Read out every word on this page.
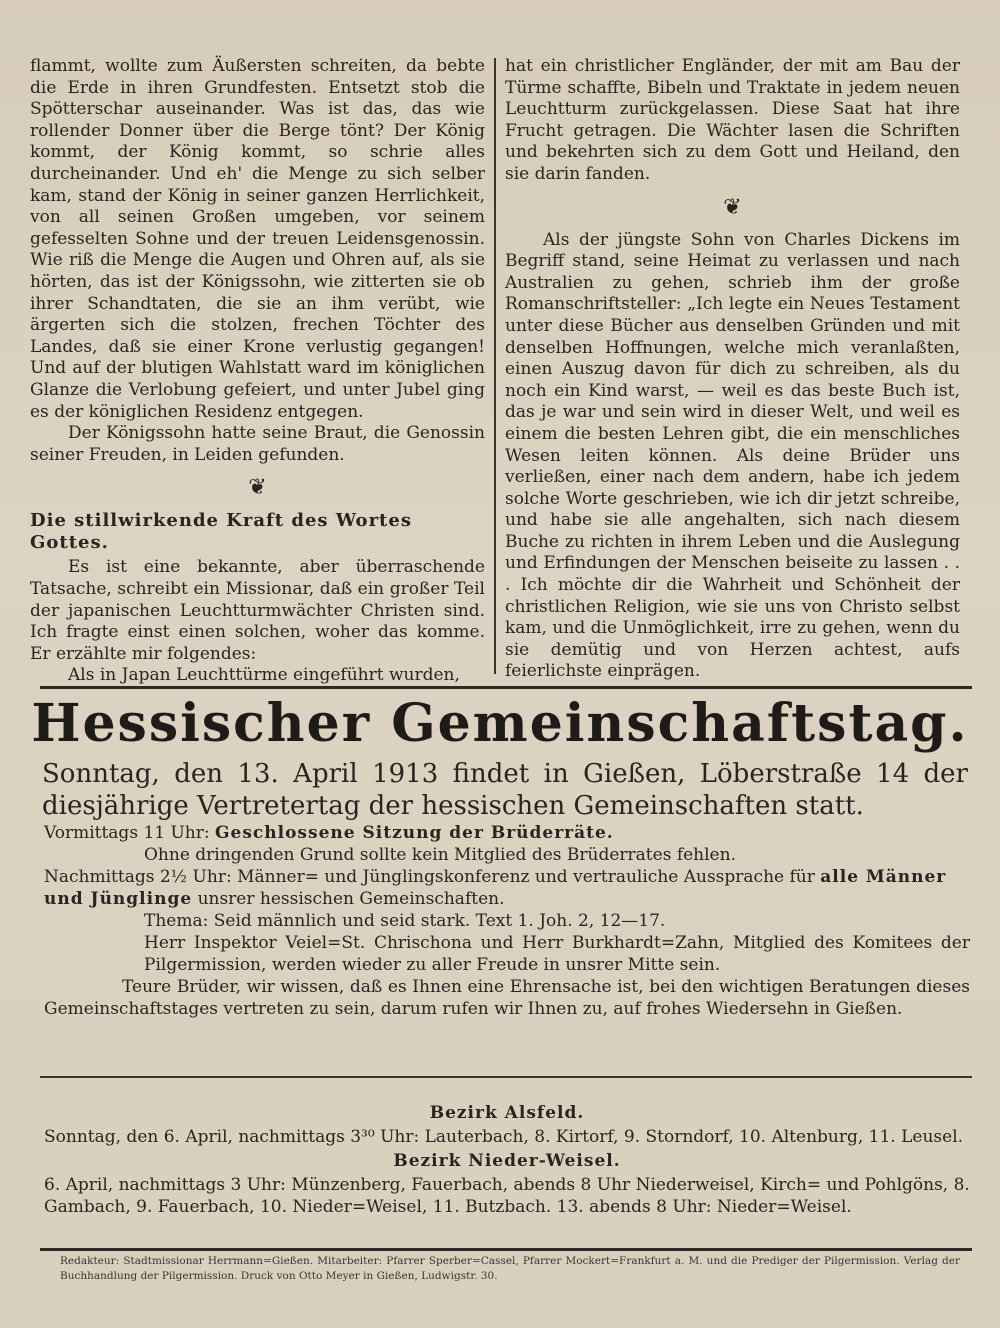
flammt, wollte zum Äußersten schreiten, da bebte die Erde in ihren Grundfesten. Entsetzt stob die Spötterschar auseinander. Was ist das, das wie rollender Donner über die Berge tönt? Der König kommt, der König kommt, so schrie alles durcheinander. Und eh' die Menge zu sich selber kam, stand der König in seiner ganzen Herrlichkeit, von all seinen Großen umgeben, vor seinem gefesselten Sohne und der treuen Leidensgenossin. Wie riß die Menge die Augen und Ohren auf, als sie hörten, das ist der Königssohn, wie zitterten sie ob ihrer Schandtaten, die sie an ihm verübt, wie ärgerten sich die stolzen, frechen Töchter des Landes, daß sie einer Krone verlustig gegangen! Und auf der blutigen Wahlstatt ward im königlichen Glanze die Verlobung gefeiert, und unter Jubel ging es der königlichen Residenz entgegen.

Der Königssohn hatte seine Braut, die Genossin seiner Freuden, in Leiden gefunden.

❦
Die stillwirkende Kraft des Wortes Gottes.

Es ist eine bekannte, aber überraschende Tatsache, schreibt ein Missionar, daß ein großer Teil der japanischen Leuchtturmwächter Christen sind. Ich fragte einst einen solchen, woher das komme. Er erzählte mir folgendes:

Als in Japan Leuchttürme eingeführt wurden,

hat ein christlicher Engländer, der mit am Bau der Türme schaffte, Bibeln und Traktate in jedem neuen Leuchtturm zurückgelassen. Diese Saat hat ihre Frucht getragen. Die Wächter lasen die Schriften und bekehrten sich zu dem Gott und Heiland, den sie darin fanden.

❦

Als der jüngste Sohn von Charles Dickens im Begriff stand, seine Heimat zu verlassen und nach Australien zu gehen, schrieb ihm der große Romanschriftsteller: „Ich legte ein Neues Testament unter diese Bücher aus denselben Gründen und mit denselben Hoffnungen, welche mich veranlaßten, einen Auszug davon für dich zu schreiben, als du noch ein Kind warst, — weil es das beste Buch ist, das je war und sein wird in dieser Welt, und weil es einem die besten Lehren gibt, die ein menschliches Wesen leiten können. Als deine Brüder uns verließen, einer nach dem andern, habe ich jedem solche Worte geschrieben, wie ich dir jetzt schreibe, und habe sie alle angehalten, sich nach diesem Buche zu richten in ihrem Leben und die Auslegung und Erfindungen der Menschen beiseite zu lassen . . . Ich möchte dir die Wahrheit und Schönheit der christlichen Religion, wie sie uns von Christo selbst kam, und die Unmöglichkeit, irre zu gehen, wenn du sie demütig und von Herzen achtest, aufs feierlichste einprägen.

Hessischer Gemeinschaftstag.
Sonntag, den 13. April 1913 findet in Gießen, Löberstraße 14 der diesjährige Vertretertag der hessischen Gemeinschaften statt.
Vormittags 11 Uhr: Geschlossene Sitzung der Brüderräte.
Ohne dringenden Grund sollte kein Mitglied des Brüderrates fehlen.
Nachmittags 2½ Uhr: Männer= und Jünglingskonferenz und vertrauliche Aussprache für alle Männer und Jünglinge unsrer hessischen Gemeinschaften.
Thema: Seid männlich und seid stark. Text 1. Joh. 2, 12—17.
Herr Inspektor Veiel=St. Chrischona und Herr Burkhardt=Zahn, Mitglied des Komitees der Pilgermission, werden wieder zu aller Freude in unsrer Mitte sein.
Teure Brüder, wir wissen, daß es Ihnen eine Ehrensache ist, bei den wichtigen Beratungen dieses Gemeinschaftstages vertreten zu sein, darum rufen wir Ihnen zu, auf frohes Wiedersehn in Gießen.
Bezirk Alsfeld.
Sonntag, den 6. April, nachmittags 3³⁰ Uhr: Lauterbach, 8. Kirtorf, 9. Storndorf, 10. Altenburg, 11. Leusel.
Bezirk Nieder-Weisel.
6. April, nachmittags 3 Uhr: Münzenberg, Fauerbach, abends 8 Uhr Niederweisel, Kirch= und Pohlgöns, 8. Gambach, 9. Fauerbach, 10. Nieder=Weisel, 11. Butzbach. 13. abends 8 Uhr: Nieder=Weisel.
Redakteur: Stadtmissionar Herrmann=Gießen. Mitarbeiter: Pfarrer Sperber=Cassel, Pfarrer Mockert=Frankfurt a. M. und die Prediger der Pilgermission. Verlag der Buchhandlung der Pilgermission. Druck von Otto Meyer in Gießen, Ludwigstr. 30.
